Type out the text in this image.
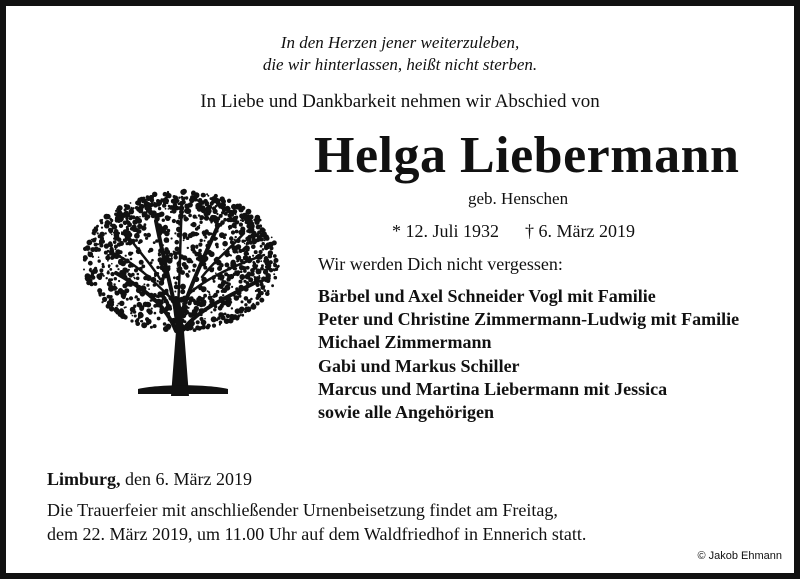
In den Herzen jener weiterzuleben,

die wir hinterlassen, heißt nicht sterben.

In Liebe und Dankbarkeit nehmen wir Abschied von

Helga Liebermann

geb. Henschen

* 12. Juli 1932 † 6. März 2019

Wir werden Dich nicht vergessen:

Bärbel und Axel Schneider Vogl mit Familie
Peter und Christine Zimmermann-Ludwig mit Familie
Michael Zimmermann
Gabi und Markus Schiller
Marcus und Martina Liebermann mit Jessica
sowie alle Angehörigen

Limburg, den 6. März 2019

Die Trauerfeier mit anschließender Urnenbeisetzung findet am Freitag,

dem 22. März 2019, um 11.00 Uhr auf dem Waldfriedhof in Ennerich statt.

© Jakob Ehmann
